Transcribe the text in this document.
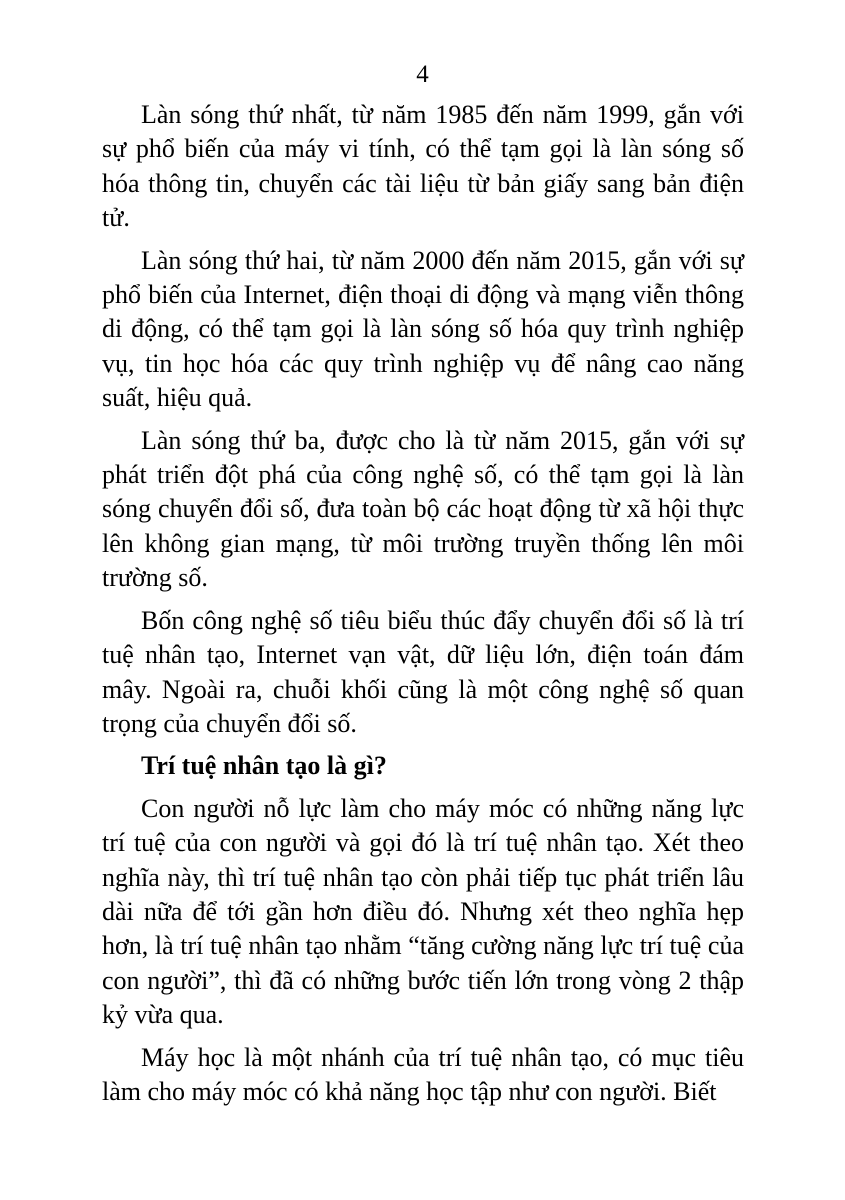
4

Làn sóng thứ nhất, từ năm 1985 đến năm 1999, gắn với sự phổ biến của máy vi tính, có thể tạm gọi là làn sóng số hóa thông tin, chuyển các tài liệu từ bản giấy sang bản điện tử.

Làn sóng thứ hai, từ năm 2000 đến năm 2015, gắn với sự phổ biến của Internet, điện thoại di động và mạng viễn thông di động, có thể tạm gọi là làn sóng số hóa quy trình nghiệp vụ, tin học hóa các quy trình nghiệp vụ để nâng cao năng suất, hiệu quả.

Làn sóng thứ ba, được cho là từ năm 2015, gắn với sự phát triển đột phá của công nghệ số, có thể tạm gọi là làn sóng chuyển đổi số, đưa toàn bộ các hoạt động từ xã hội thực lên không gian mạng, từ môi trường truyền thống lên môi trường số.

Bốn công nghệ số tiêu biểu thúc đẩy chuyển đổi số là trí tuệ nhân tạo, Internet vạn vật, dữ liệu lớn, điện toán đám mây. Ngoài ra, chuỗi khối cũng là một công nghệ số quan trọng của chuyển đổi số.

Trí tuệ nhân tạo là gì?

Con người nỗ lực làm cho máy móc có những năng lực trí tuệ của con người và gọi đó là trí tuệ nhân tạo. Xét theo nghĩa này, thì trí tuệ nhân tạo còn phải tiếp tục phát triển lâu dài nữa để tới gần hơn điều đó. Nhưng xét theo nghĩa hẹp hơn, là trí tuệ nhân tạo nhằm “tăng cường năng lực trí tuệ của con người”, thì đã có những bước tiến lớn trong vòng 2 thập kỷ vừa qua.

Máy học là một nhánh của trí tuệ nhân tạo, có mục tiêu làm cho máy móc có khả năng học tập như con người. Biết
